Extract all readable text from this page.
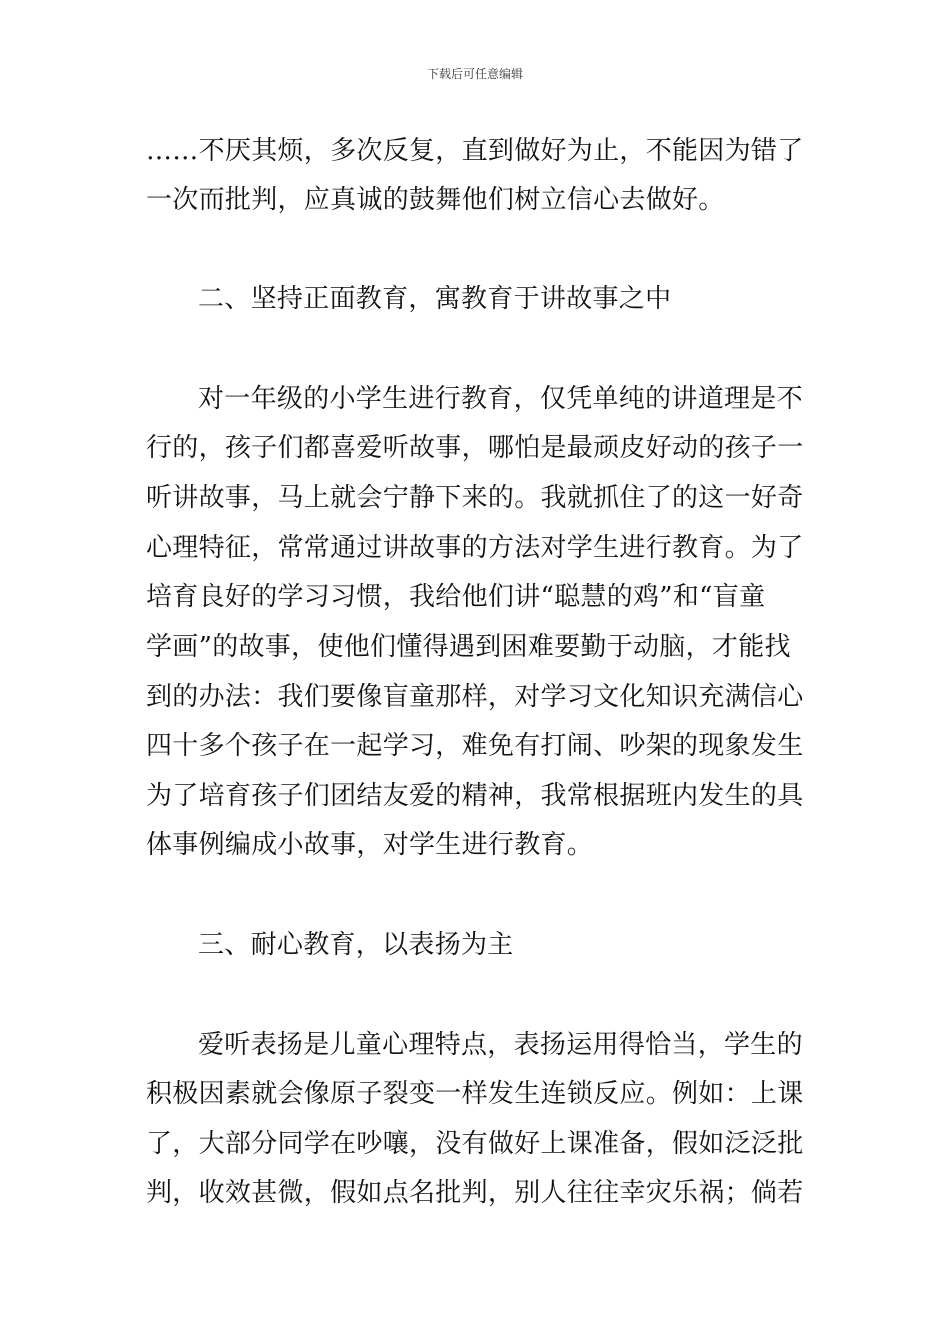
下载后可任意编辑
……不厌其烦，多次反复，直到做好为止，不能因为错了
一次而批判，应真诚的鼓舞他们树立信心去做好。
二、坚持正面教育，寓教育于讲故事之中
对一年级的小学生进行教育，仅凭单纯的讲道理是不
行的，孩子们都喜爱听故事，哪怕是最顽皮好动的孩子一
听讲故事，马上就会宁静下来的。我就抓住了的这一好奇
心理特征，常常通过讲故事的方法对学生进行教育。为了
培育良好的学习习惯，我给他们讲“聪慧的鸡”和“盲童
学画”的故事，使他们懂得遇到困难要勤于动脑，才能找
到的办法：我们要像盲童那样，对学习文化知识充满信心
四十多个孩子在一起学习，难免有打闹、吵架的现象发生
为了培育孩子们团结友爱的精神，我常根据班内发生的具
体事例编成小故事，对学生进行教育。
三、耐心教育，以表扬为主
爱听表扬是儿童心理特点，表扬运用得恰当，学生的
积极因素就会像原子裂变一样发生连锁反应。例如：上课
了，大部分同学在吵嚷，没有做好上课准备，假如泛泛批
判，收效甚微，假如点名批判，别人往往幸灾乐祸；倘若
